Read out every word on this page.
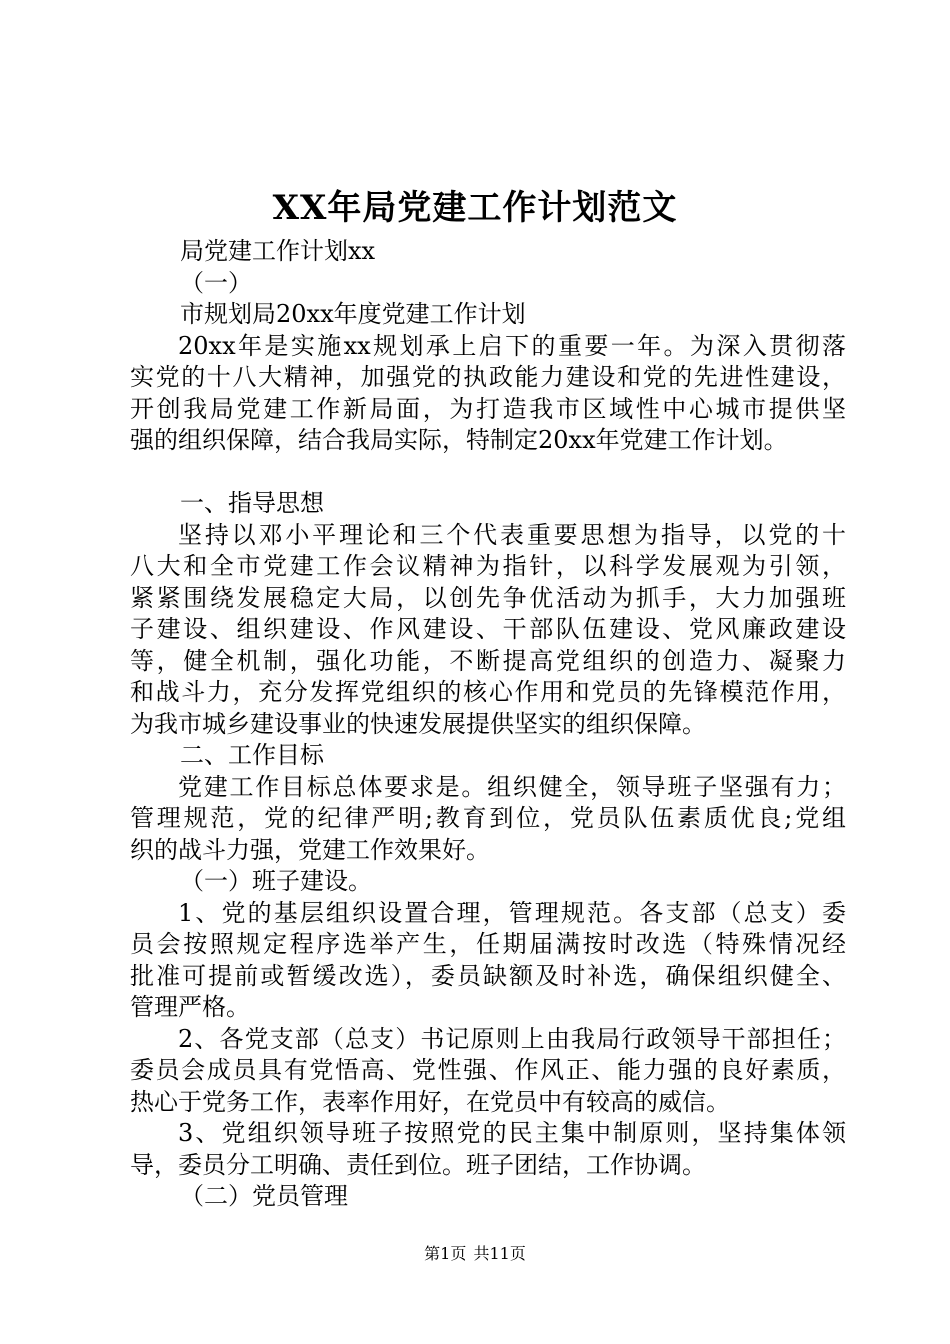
XX年局党建工作计划范文
局党建工作计划xx
（一）
市规划局20xx年度党建工作计划
20xx年是实施xx规划承上启下的重要一年。为深入贯彻落
实党的十八大精神，加强党的执政能力建设和党的先进性建设，
开创我局党建工作新局面，为打造我市区域性中心城市提供坚
强的组织保障，结合我局实际，特制定20xx年党建工作计划。
一、指导思想
坚持以邓小平理论和三个代表重要思想为指导，以党的十
八大和全市党建工作会议精神为指针，以科学发展观为引领，
紧紧围绕发展稳定大局，以创先争优活动为抓手，大力加强班
子建设、组织建设、作风建设、干部队伍建设、党风廉政建设
等，健全机制，强化功能，不断提高党组织的创造力、凝聚力
和战斗力，充分发挥党组织的核心作用和党员的先锋模范作用，
为我市城乡建设事业的快速发展提供坚实的组织保障。
二、工作目标
党建工作目标总体要求是。组织健全，领导班子坚强有力；
管理规范，党的纪律严明;教育到位，党员队伍素质优良;党组
织的战斗力强，党建工作效果好。
（一）班子建设。
1、党的基层组织设置合理，管理规范。各支部（总支）委
员会按照规定程序选举产生，任期届满按时改选（特殊情况经
批准可提前或暂缓改选），委员缺额及时补选，确保组织健全、
管理严格。
2、各党支部（总支）书记原则上由我局行政领导干部担任；
委员会成员具有党悟高、党性强、作风正、能力强的良好素质，
热心于党务工作，表率作用好，在党员中有较高的威信。
3、党组织领导班子按照党的民主集中制原则，坚持集体领
导，委员分工明确、责任到位。班子团结，工作协调。
（二）党员管理
第1页 共11页
